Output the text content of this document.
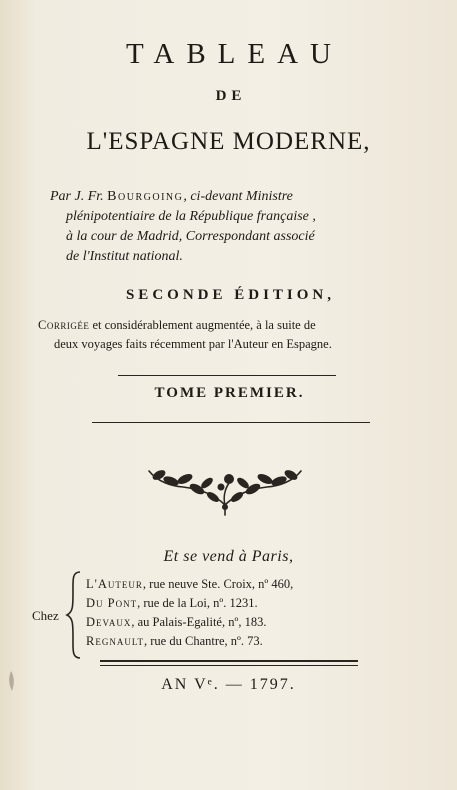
TABLEAU
DE
L'ESPAGNE MODERNE,
Par J. Fr. Bourgoing, ci-devant Ministre
plénipotentiaire de la République française ,
à la cour de Madrid, Correspondant associé
de l'Institut national.
SECONDE ÉDITION,
Corrigée et considérablement augmentée, à la suite de
deux voyages faits récemment par l'Auteur en Espagne.
TOME PREMIER.
Et se vend à Paris,
Chez
L'Auteur, rue neuve Ste. Croix, nº 460,
Du Pont, rue de la Loi, nº. 1231.
Devaux, au Palais-Egalité, nº, 183.
Regnault, rue du Chantre, nº. 73.
AN Vᵉ. — 1797.
